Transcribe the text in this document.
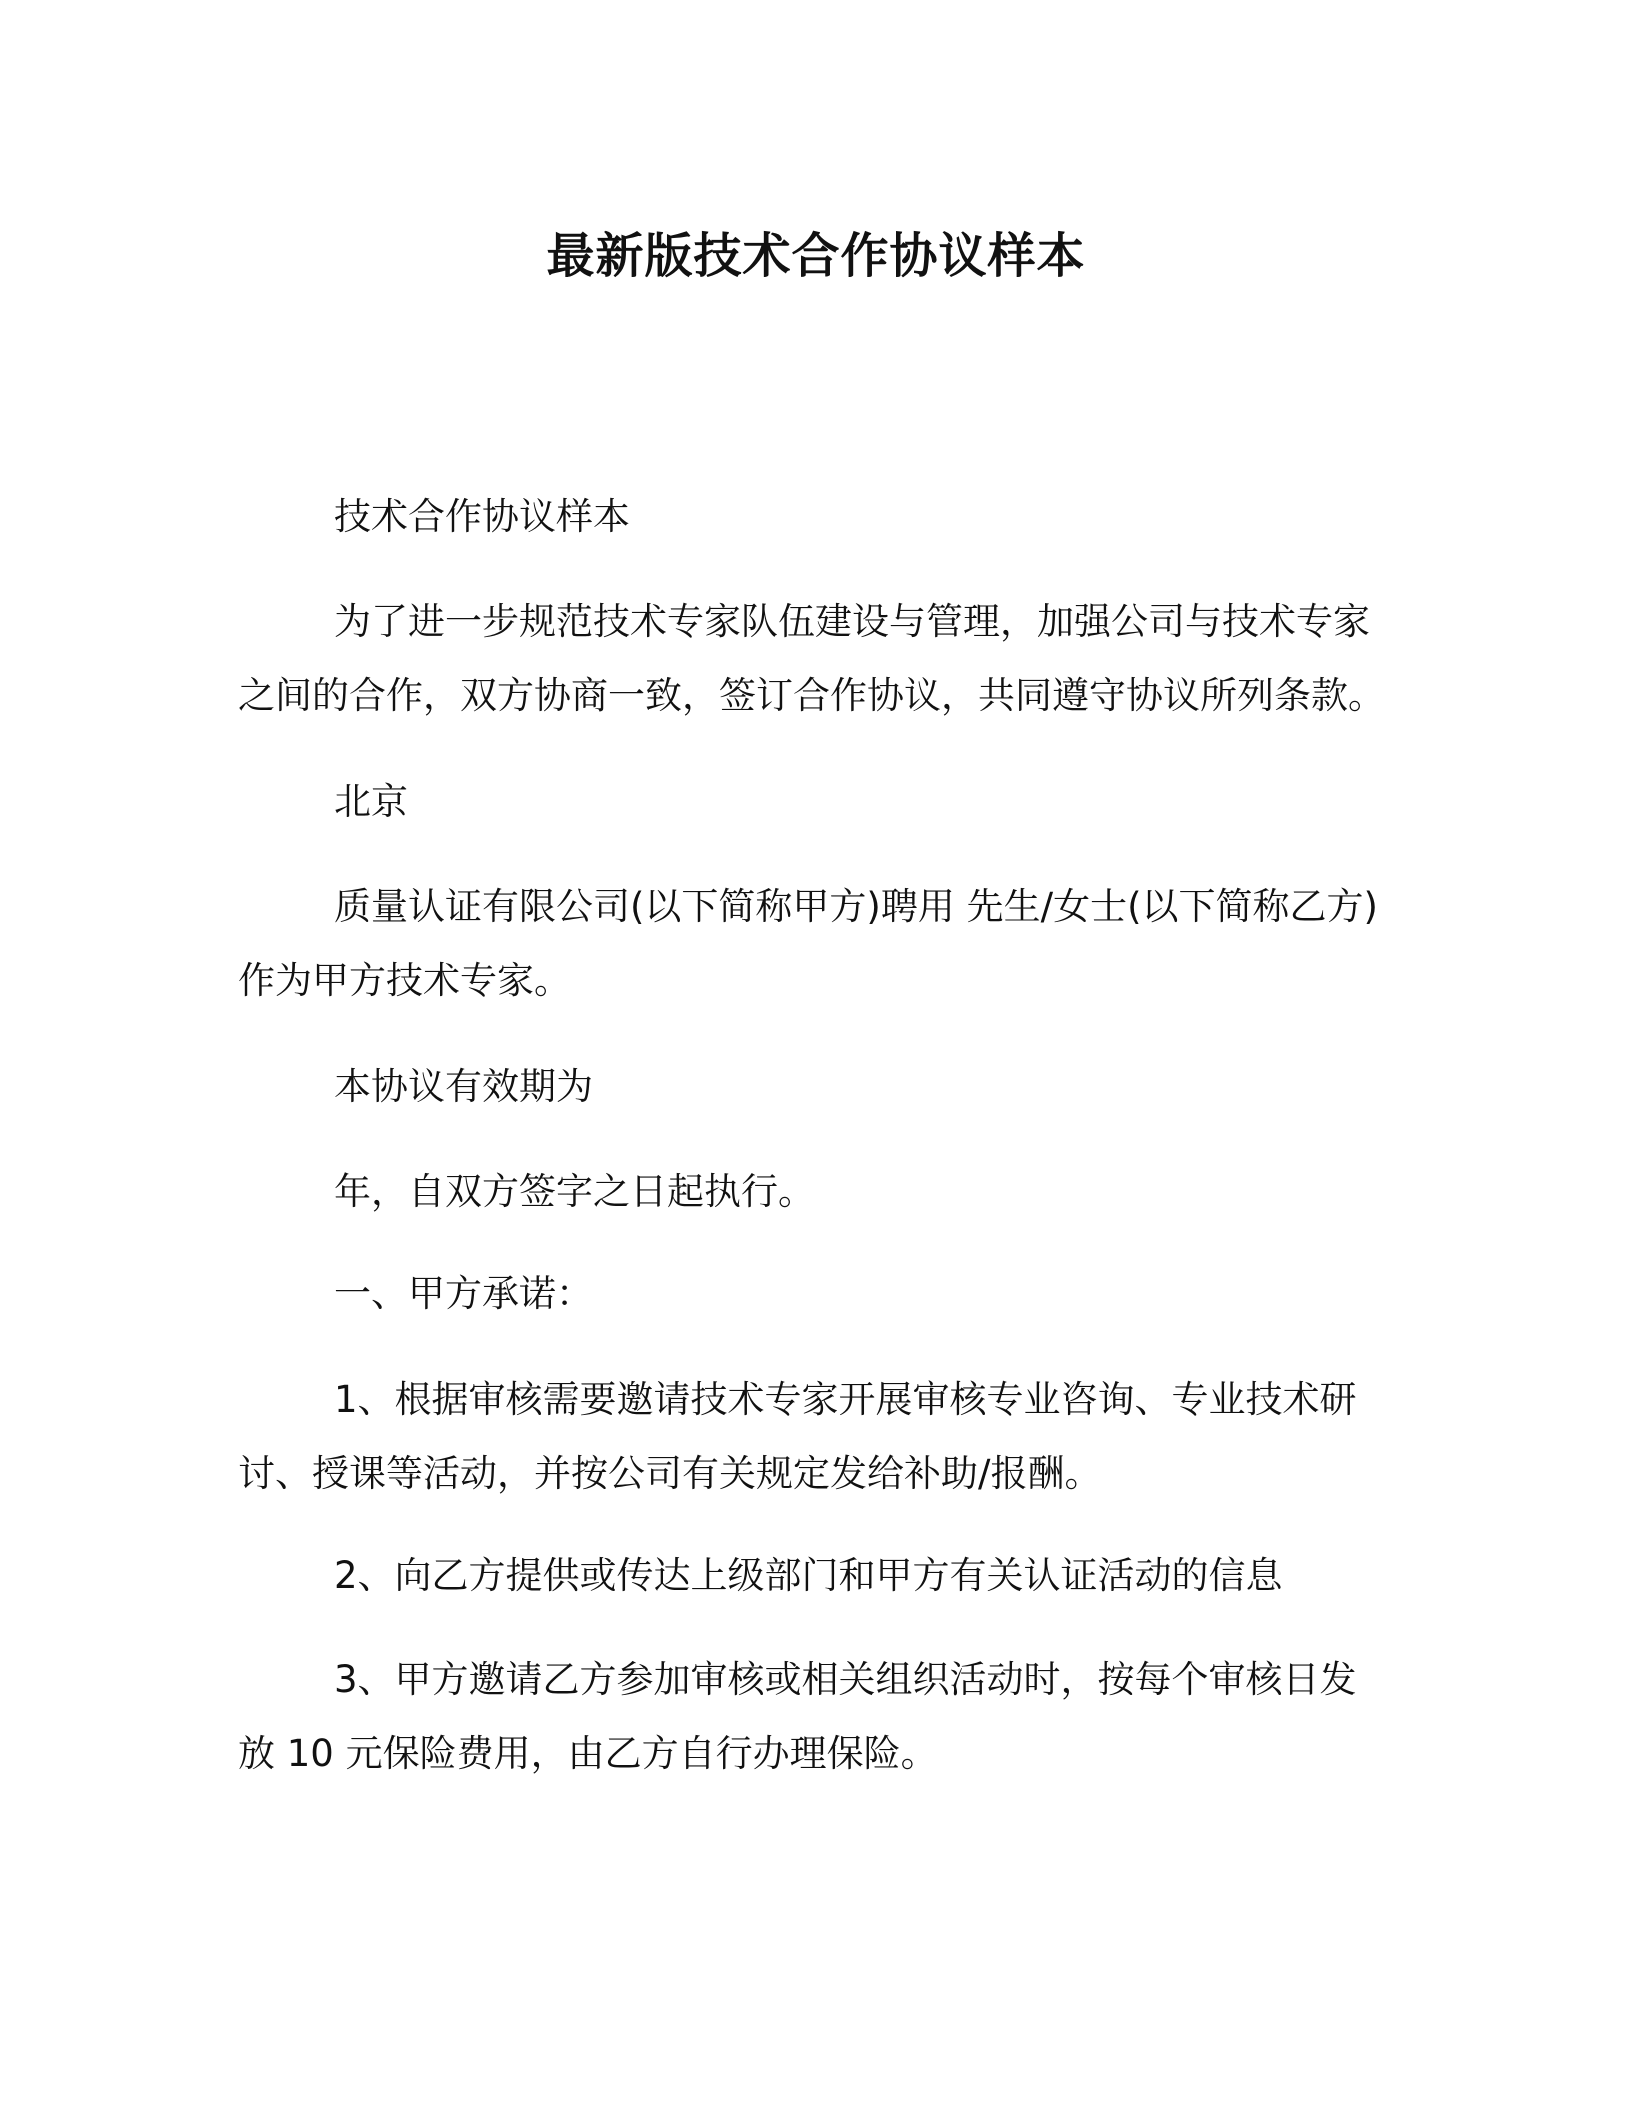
最新版技术合作协议样本
技术合作协议样本
为了进一步规范技术专家队伍建设与管理，加强公司与技术专家
之间的合作，双方协商一致，签订合作协议，共同遵守协议所列条款。
北京
质量认证有限公司(以下简称甲方)聘用 先生/女士(以下简称乙方)
作为甲方技术专家。
本协议有效期为
年，自双方签字之日起执行。
一、甲方承诺：
1、根据审核需要邀请技术专家开展审核专业咨询、专业技术研
讨、授课等活动，并按公司有关规定发给补助/报酬。
2、向乙方提供或传达上级部门和甲方有关认证活动的信息
3、甲方邀请乙方参加审核或相关组织活动时，按每个审核日发
放 10 元保险费用，由乙方自行办理保险。
